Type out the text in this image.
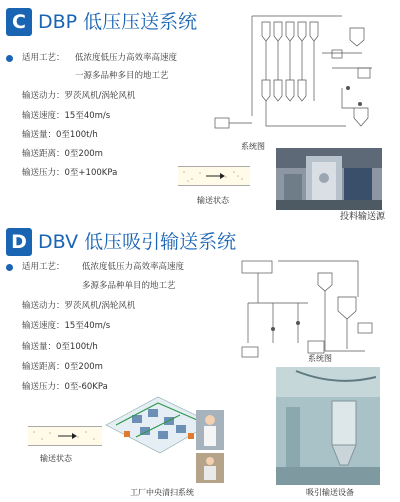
C DBP 低压压送系统
适用工艺： 低浓度低压力高效率高速度
一源多品种多目的地工艺
输送动力：罗茨风机/涡轮风机
输送速度：15至40m/s
输送量：0至100t/h
输送距离：0至200m
输送压力：0至+100KPa
输送状态
系统图
投料输送源
D DBV 低压吸引输送系统
适用工艺： 低浓度低压力高效率高速度
多源多品种单目的地工艺
输送动力：罗茨风机/涡轮风机
输送速度：15至40m/s
输送量：0至100t/h
输送距离：0至200m
输送压力：0至-60KPa
输送状态
系统图
工厂中央清扫系统	吸引输送设备
